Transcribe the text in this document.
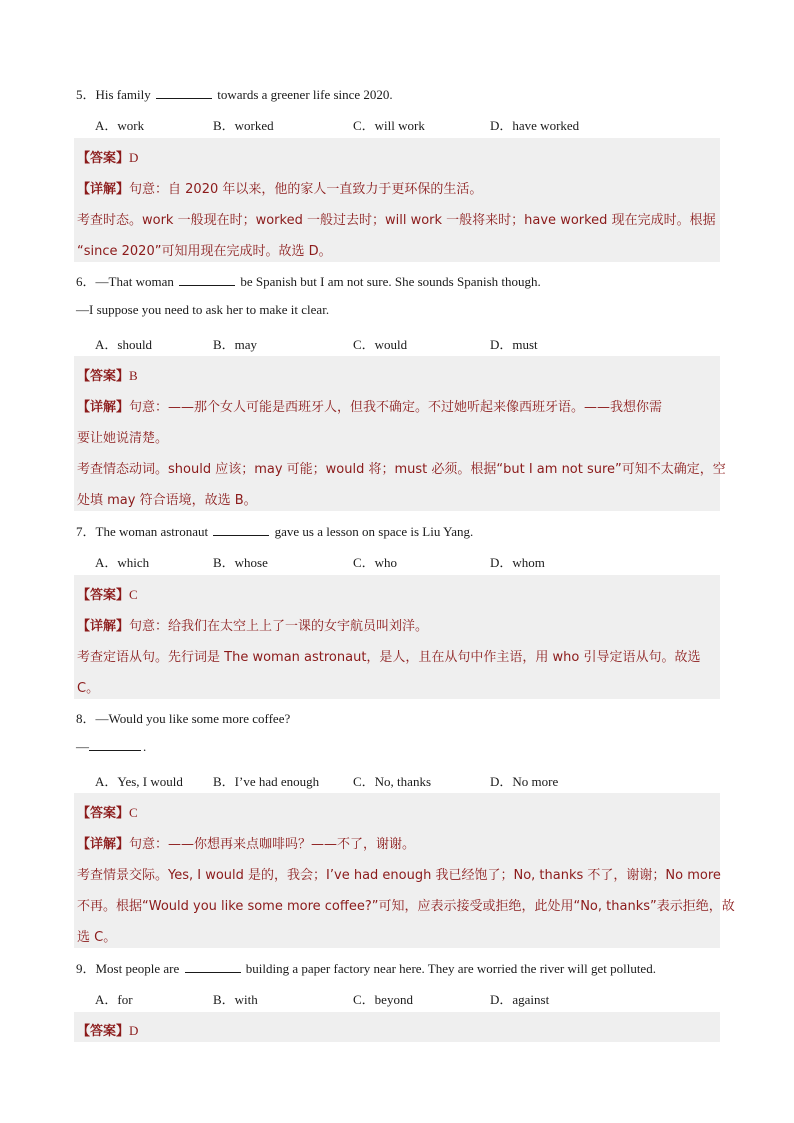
5．His family	towards a greener life since 2020.
A．work	B．worked	C．will work	D．have worked
【答案】D
【详解】句意：自 2020 年以来，他的家人一直致力于更环保的生活。
考查时态。work 一般现在时；worked 一般过去时；will work 一般将来时；have worked 现在完成时。根据
“since 2020”可知用现在完成时。故选 D。
6．—That woman	be Spanish but I am not sure. She sounds Spanish though.
—I suppose you need to ask her to make it clear.
A．should	B．may	C．would	D．must
【答案】B
【详解】句意：——那个女人可能是西班牙人，但我不确定。不过她听起来像西班牙语。——我想你需
要让她说清楚。
考查情态动词。should 应该；may 可能；would 将；must 必须。根据“but I am not sure”可知不太确定，空
处填 may 符合语境，故选 B。
7．The woman astronaut	gave us a lesson on space is Liu Yang.
A．which	B．whose	C．who	D．whom
【答案】C
【详解】句意：给我们在太空上上了一课的女宇航员叫刘洋。
考查定语从句。先行词是 The woman astronaut，是人，且在从句中作主语，用 who 引导定语从句。故选
C。
8．—Would you like some more coffee?
—	.
A．Yes, I would B．I’ve had enough	C．No, thanks	D．No more
【答案】C
【详解】句意：——你想再来点咖啡吗？——不了，谢谢。
考查情景交际。Yes, I would 是的，我会；I’ve had enough 我已经饱了；No, thanks 不了，谢谢；No more
不再。根据“Would you like some more coffee?”可知，应表示接受或拒绝，此处用“No, thanks”表示拒绝，故
选 C。
9．Most people are	building a paper factory near here. They are worried the river will get polluted.
A．for	B．with	C．beyond	D．against
【答案】D
